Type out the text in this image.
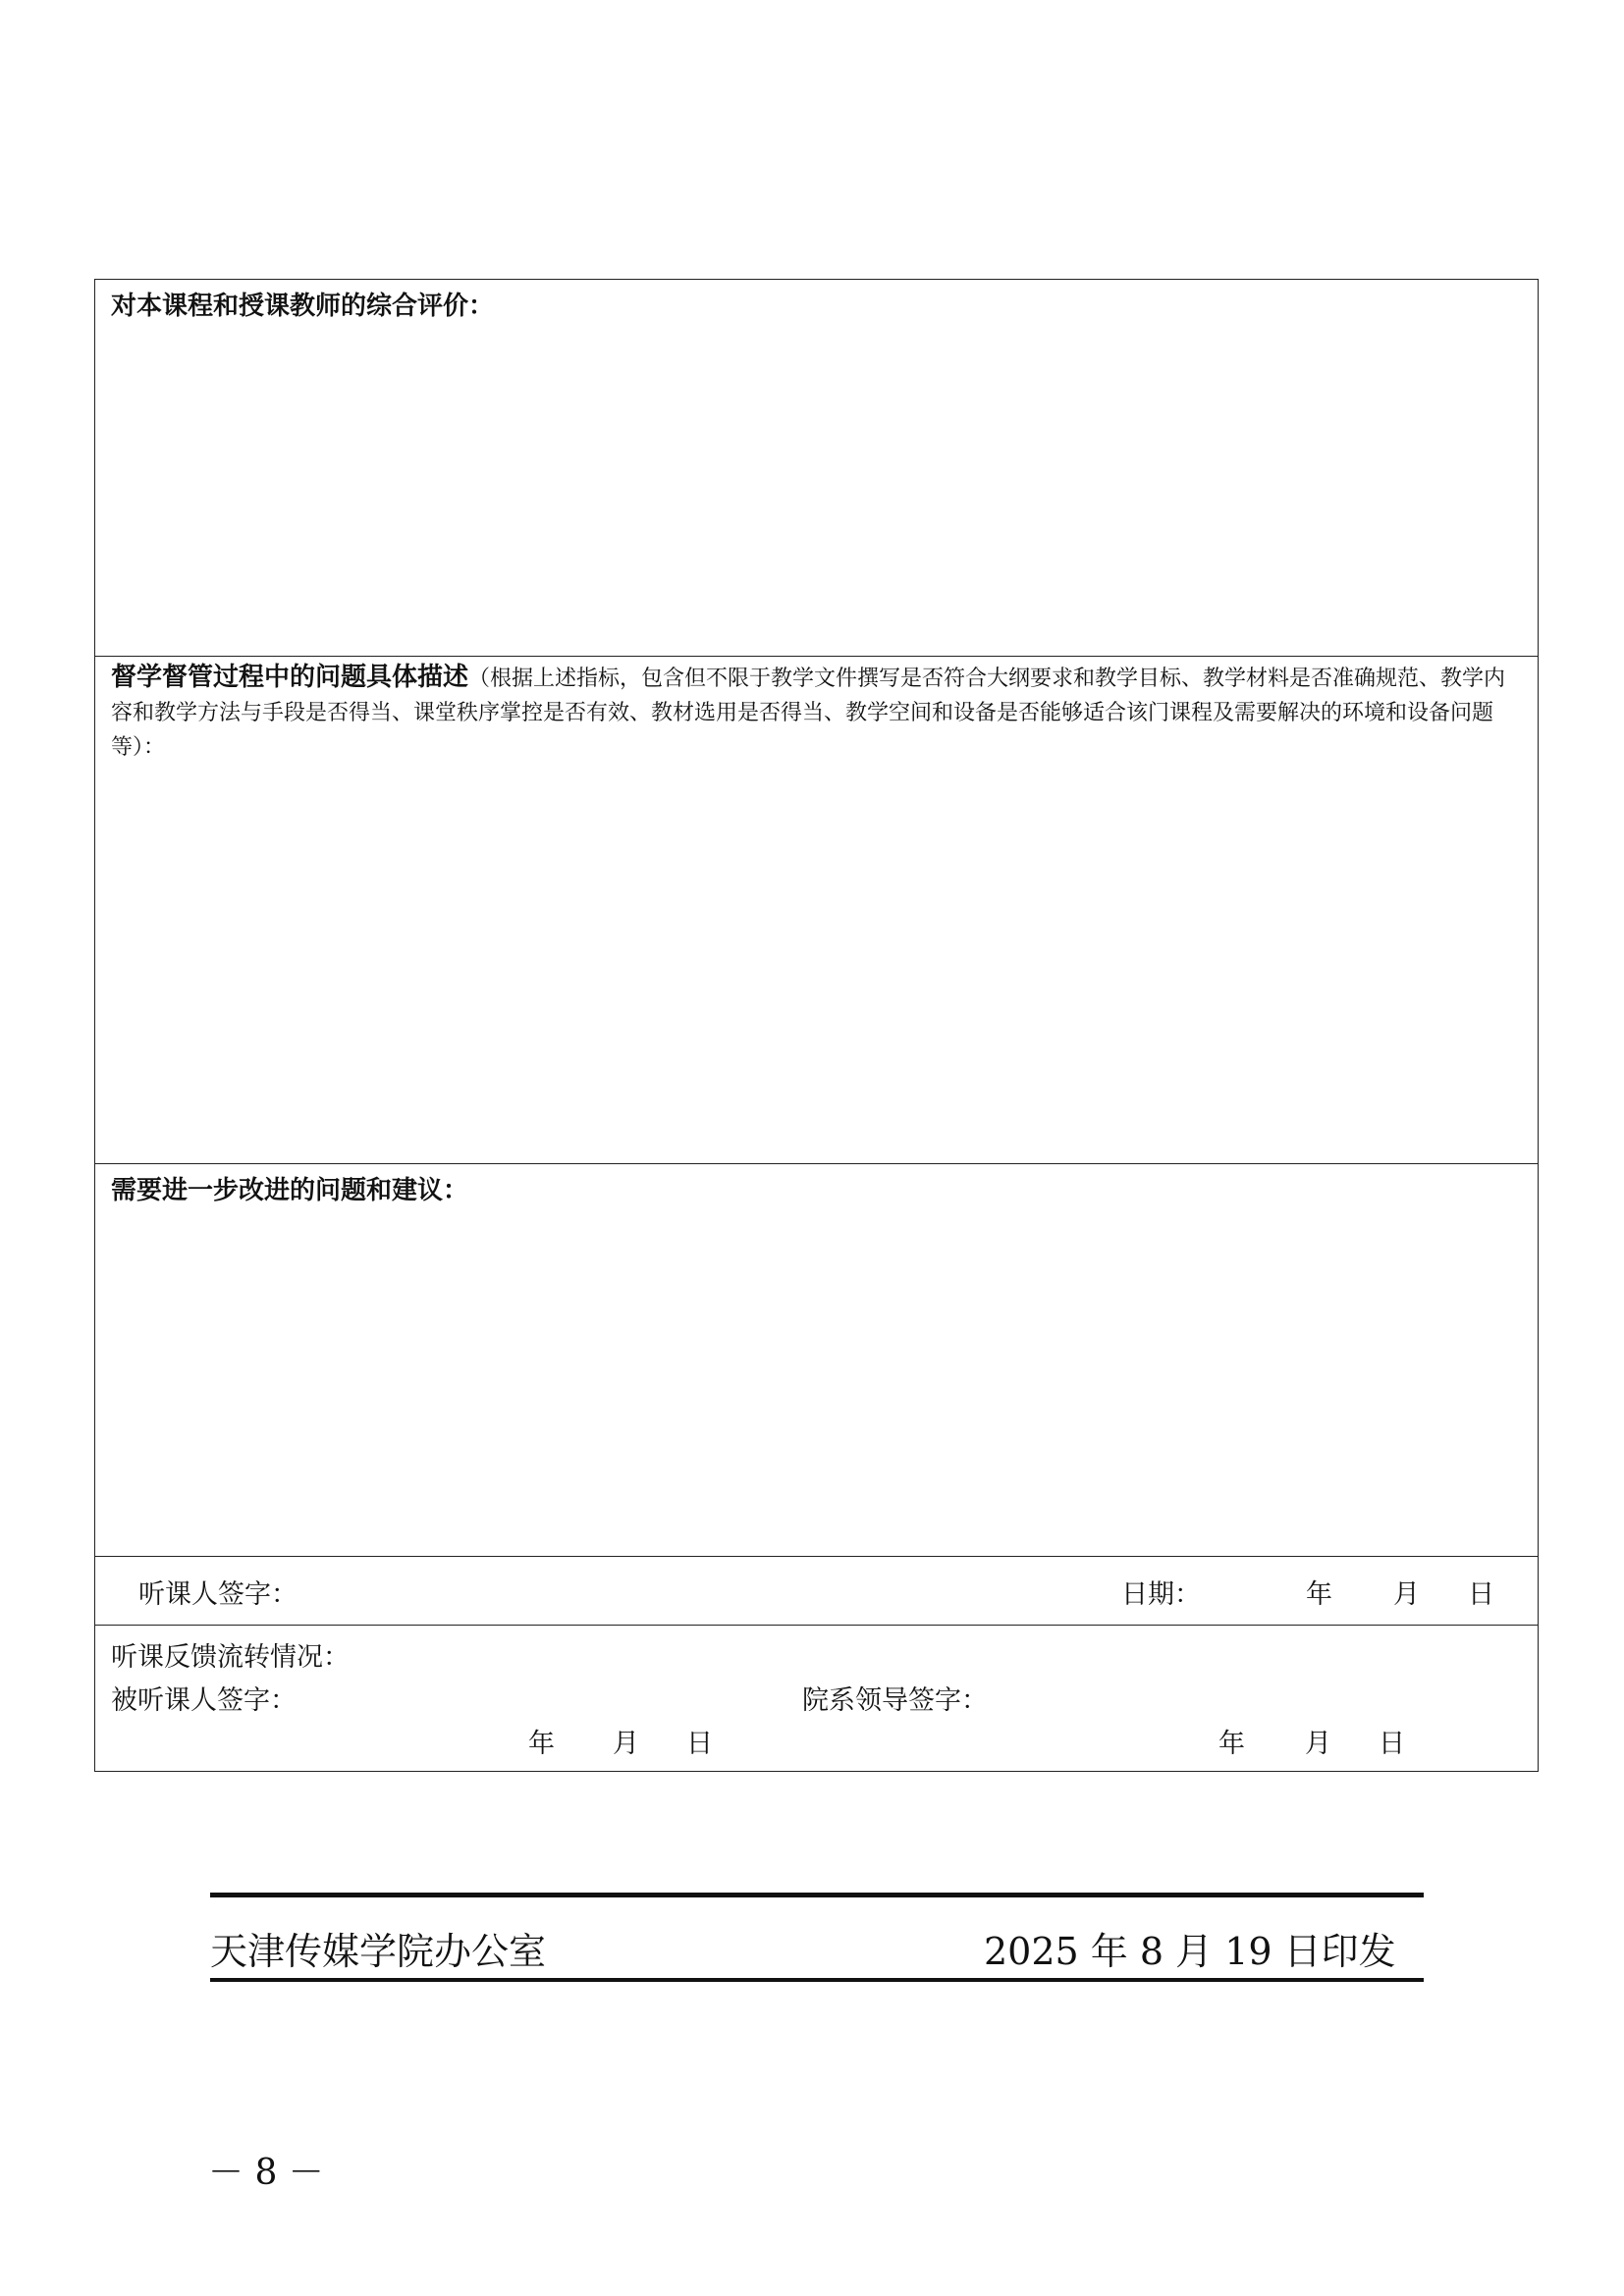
对本课程和授课教师的综合评价：
督学督管过程中的问题具体描述（根据上述指标，包含但不限于教学文件撰写是否符合大纲要求和教学目标、教学材料是否准确规范、教学内容和教学方法与手段是否得当、课堂秩序掌控是否有效、教材选用是否得当、教学空间和设备是否能够适合该门课程及需要解决的环境和设备问题等）：
需要进一步改进的问题和建议：
听课人签字：	日期：	年 月 日
听课反馈流转情况：
被听课人签字：	院系领导签字：
年 月 日	年 月 日
天津传媒学院办公室	2025 年 8 月 19 日印发
－ 8 －
